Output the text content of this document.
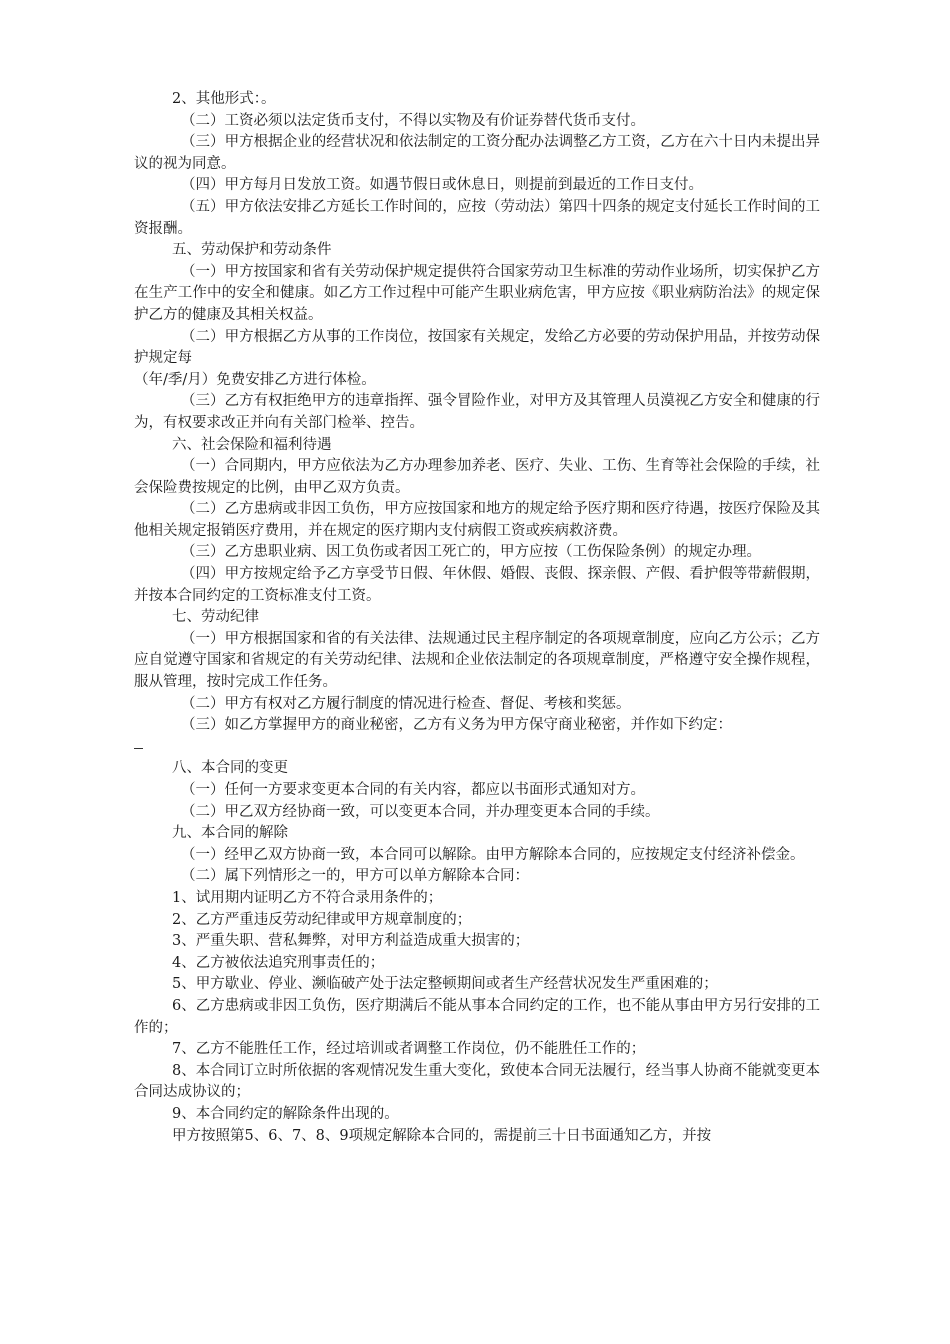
2、其他形式：。

（二）工资必须以法定货币支付，不得以实物及有价证券替代货币支付。

（三）甲方根据企业的经营状况和依法制定的工资分配办法调整乙方工资，乙方在六十日内未提出异议的视为同意。

（四）甲方每月日发放工资。如遇节假日或休息日，则提前到最近的工作日支付。

（五）甲方依法安排乙方延长工作时间的，应按（劳动法）第四十四条的规定支付延长工作时间的工资报酬。

五、劳动保护和劳动条件

（一）甲方按国家和省有关劳动保护规定提供符合国家劳动卫生标准的劳动作业场所，切实保护乙方在生产工作中的安全和健康。如乙方工作过程中可能产生职业病危害，甲方应按《职业病防治法》的规定保护乙方的健康及其相关权益。

（二）甲方根据乙方从事的工作岗位，按国家有关规定，发给乙方必要的劳动保护用品，并按劳动保护规定每

（年/季/月）免费安排乙方进行体检。

（三）乙方有权拒绝甲方的违章指挥、强令冒险作业，对甲方及其管理人员漠视乙方安全和健康的行为，有权要求改正并向有关部门检举、控告。

六、社会保险和福利待遇

（一）合同期内，甲方应依法为乙方办理参加养老、医疗、失业、工伤、生育等社会保险的手续，社会保险费按规定的比例，由甲乙双方负责。

（二）乙方患病或非因工负伤，甲方应按国家和地方的规定给予医疗期和医疗待遇，按医疗保险及其他相关规定报销医疗费用，并在规定的医疗期内支付病假工资或疾病救济费。

（三）乙方患职业病、因工负伤或者因工死亡的，甲方应按（工伤保险条例）的规定办理。

（四）甲方按规定给予乙方享受节日假、年休假、婚假、丧假、探亲假、产假、看护假等带薪假期，并按本合同约定的工资标准支付工资。

七、劳动纪律

（一）甲方根据国家和省的有关法律、法规通过民主程序制定的各项规章制度，应向乙方公示；乙方应自觉遵守国家和省规定的有关劳动纪律、法规和企业依法制定的各项规章制度，严格遵守安全操作规程，服从管理，按时完成工作任务。

（二）甲方有权对乙方履行制度的情况进行检查、督促、考核和奖惩。

（三）如乙方掌握甲方的商业秘密，乙方有义务为甲方保守商业秘密，并作如下约定：

八、本合同的变更

（一）任何一方要求变更本合同的有关内容，都应以书面形式通知对方。

（二）甲乙双方经协商一致，可以变更本合同，并办理变更本合同的手续。

九、本合同的解除

（一）经甲乙双方协商一致，本合同可以解除。由甲方解除本合同的，应按规定支付经济补偿金。

（二）属下列情形之一的，甲方可以单方解除本合同：

1、试用期内证明乙方不符合录用条件的；

2、乙方严重违反劳动纪律或甲方规章制度的；

3、严重失职、营私舞弊，对甲方利益造成重大损害的；

4、乙方被依法追究刑事责任的；

5、甲方歇业、停业、濒临破产处于法定整顿期间或者生产经营状况发生严重困难的；

6、乙方患病或非因工负伤，医疗期满后不能从事本合同约定的工作，也不能从事由甲方另行安排的工作的；

7、乙方不能胜任工作，经过培训或者调整工作岗位，仍不能胜任工作的；

8、本合同订立时所依据的客观情况发生重大变化，致使本合同无法履行，经当事人协商不能就变更本合同达成协议的；

9、本合同约定的解除条件出现的。

甲方按照第5、6、7、8、9项规定解除本合同的，需提前三十日书面通知乙方，并按
